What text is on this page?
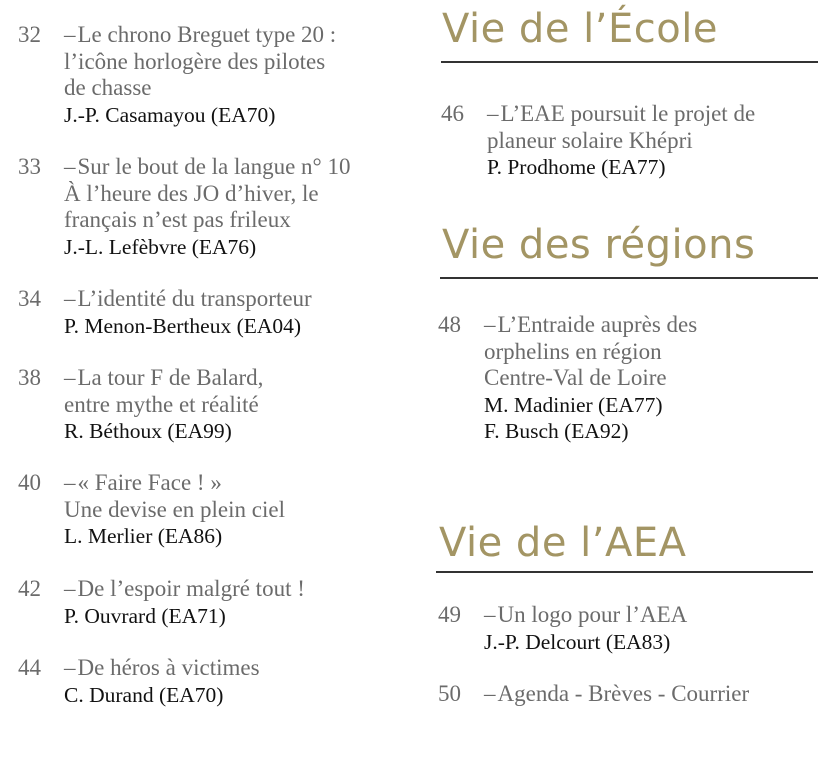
32	– Le chrono Breguet type 20 :
l’icône horlogère des pilotes
de chasse
J.-P. Casamayou (EA70)
33	– Sur le bout de la langue n° 10
À l’heure des JO d’hiver, le
français n’est pas frileux
J.-L. Lefèbvre (EA76)
34	– L’identité du transporteur
P. Menon-Bertheux (EA04)
38	– La tour F de Balard,
entre mythe et réalité
R. Béthoux (EA99)
40	– « Faire Face ! »
Une devise en plein ciel
L. Merlier (EA86)
42	– De l’espoir malgré tout !
P. Ouvrard (EA71)
44	– De héros à victimes
C. Durand (EA70)
Vie de l’École
46	– L’EAE poursuit le projet de
planeur solaire Khépri
P. Prodhome (EA77)
Vie des régions
48	– L’Entraide auprès des
orphelins en région
Centre-Val de Loire
M. Madinier (EA77)
F. Busch (EA92)
Vie de l’AEA
49	– Un logo pour l’AEA
J.-P. Delcourt (EA83)
50	– Agenda - Brèves - Courrier
